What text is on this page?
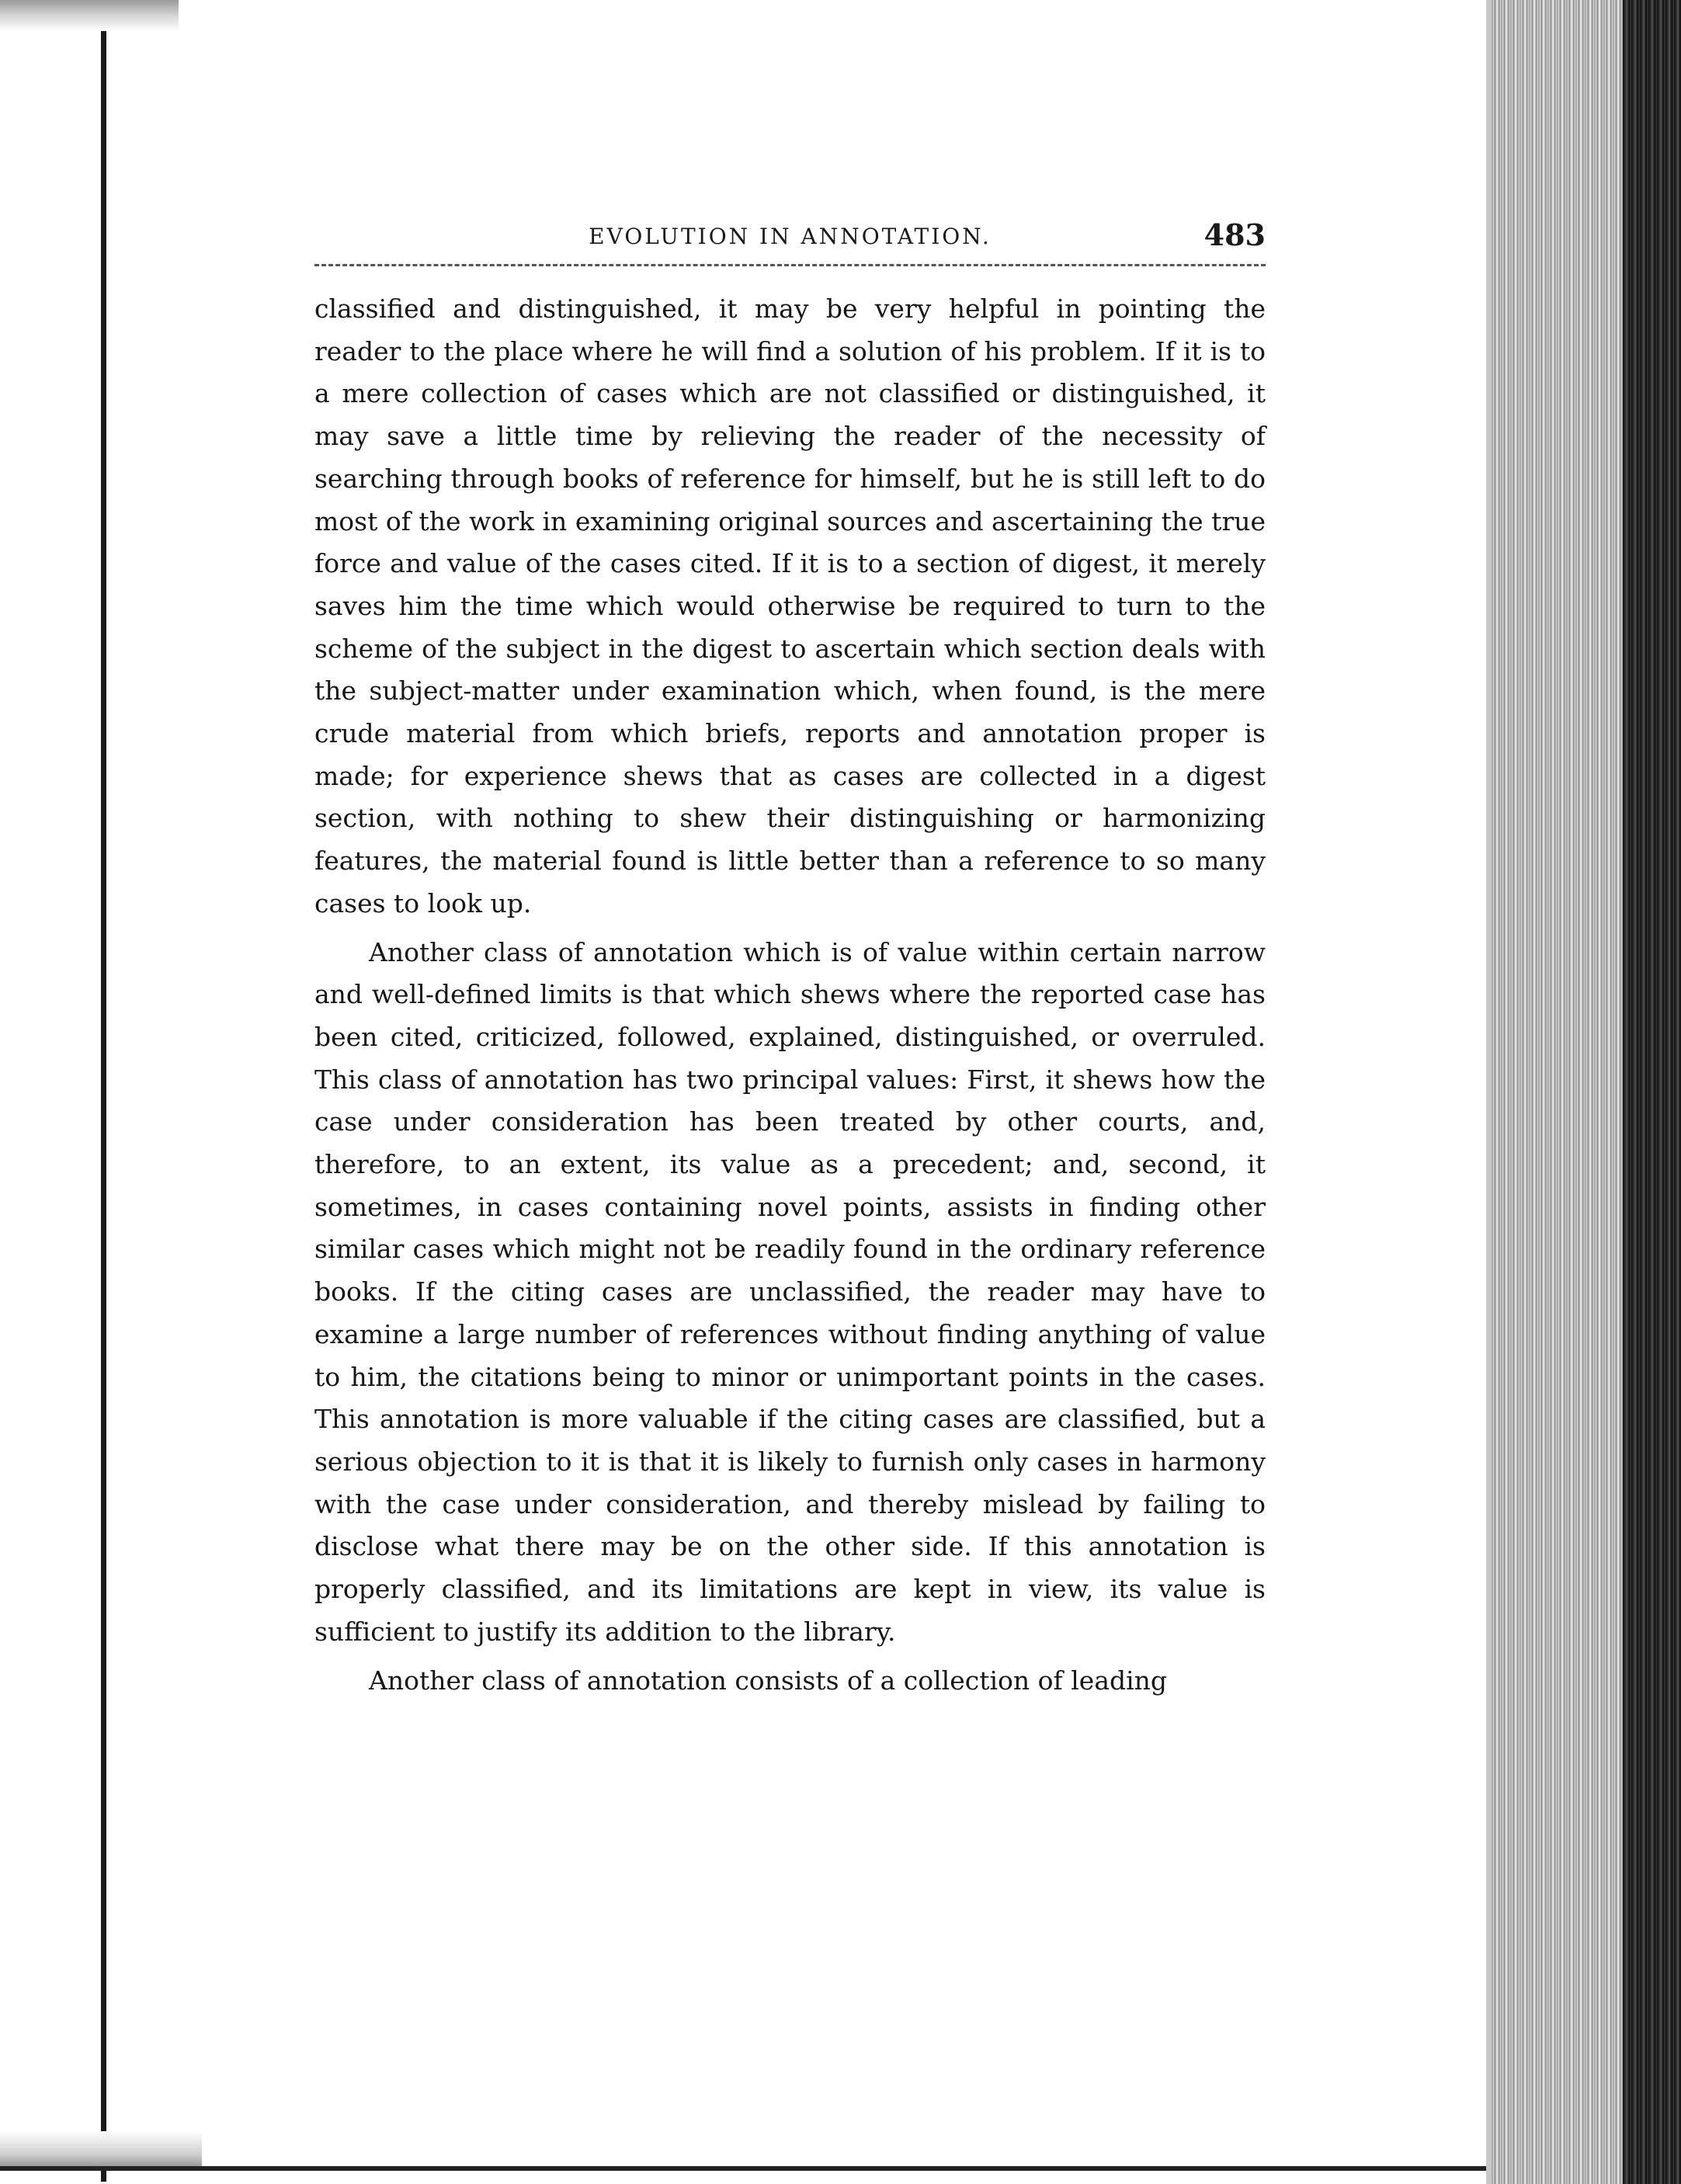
EVOLUTION IN ANNOTATION.	483

classified and distinguished, it may be very helpful in pointing the reader to the place where he will find a solution of his problem. If it is to a mere collection of cases which are not classified or distinguished, it may save a little time by relieving the reader of the necessity of searching through books of reference for himself, but he is still left to do most of the work in examining original sources and ascertaining the true force and value of the cases cited. If it is to a section of digest, it merely saves him the time which would otherwise be required to turn to the scheme of the subject in the digest to ascertain which section deals with the subject-matter under examination which, when found, is the mere crude material from which briefs, reports and annotation proper is made; for experience shews that as cases are collected in a digest section, with nothing to shew their distinguishing or harmonizing features, the material found is little better than a reference to so many cases to look up.

Another class of annotation which is of value within certain narrow and well-defined limits is that which shews where the reported case has been cited, criticized, followed, explained, distinguished, or overruled. This class of annotation has two principal values: First, it shews how the case under consideration has been treated by other courts, and, therefore, to an extent, its value as a precedent; and, second, it sometimes, in cases containing novel points, assists in finding other similar cases which might not be readily found in the ordinary reference books. If the citing cases are unclassified, the reader may have to examine a large number of references without finding anything of value to him, the citations being to minor or unimportant points in the cases. This annotation is more valuable if the citing cases are classified, but a serious objection to it is that it is likely to furnish only cases in harmony with the case under consideration, and thereby mislead by failing to disclose what there may be on the other side. If this annotation is properly classified, and its limitations are kept in view, its value is sufficient to justify its addition to the library.

Another class of annotation consists of a collection of leading
